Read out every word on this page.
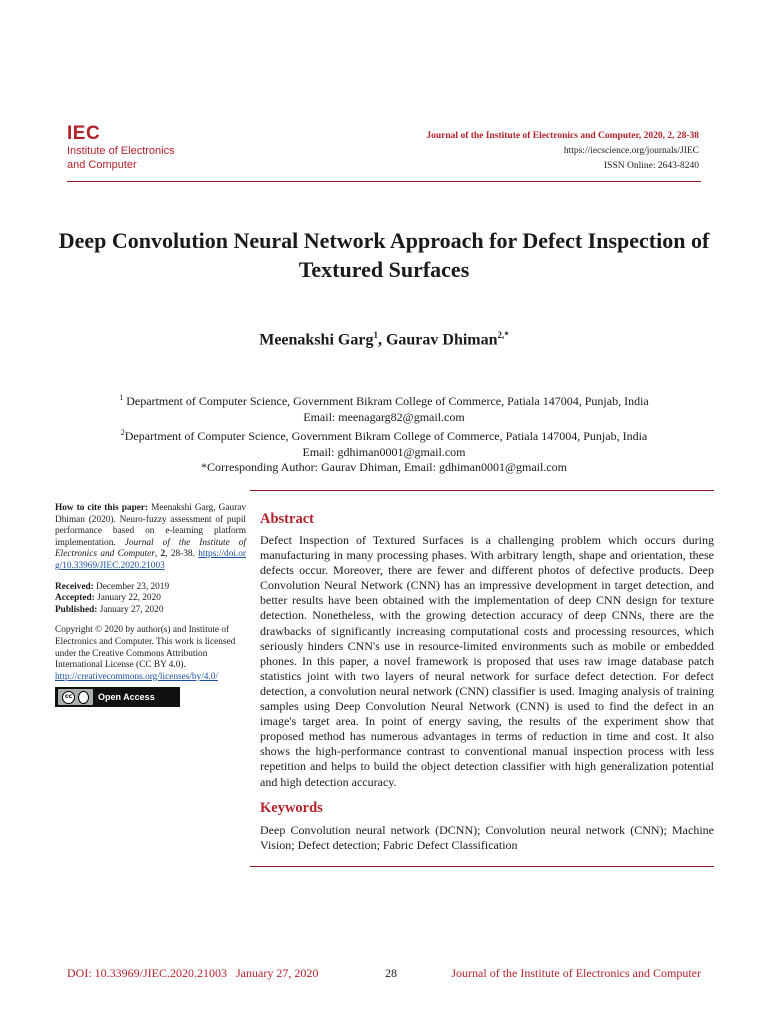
IEC
Institute of Electronics
and Computer
Journal of the Institute of Electronics and Computer, 2020, 2, 28-38
https://iecscience.org/journals/JIEC
ISSN Online: 2643-8240
Deep Convolution Neural Network Approach for Defect Inspection of Textured Surfaces
Meenakshi Garg$^1$, Gaurav Dhiman$^{2,*}$
$^1$ Department of Computer Science, Government Bikram College of Commerce, Patiala 147004, Punjab, India
Email: meenagarg82@gmail.com
$^2$Department of Computer Science, Government Bikram College of Commerce, Patiala 147004, Punjab, India
Email: gdhiman0001@gmail.com
*Corresponding Author: Gaurav Dhiman, Email: gdhiman0001@gmail.com
How to cite this paper: Meenakshi Garg, Gaurav Dhiman (2020). Neuro-fuzzy assessment of pupil performance based on e-learning platform implementation. Journal of the Institute of Electronics and Computer, 2, 28-38. https://doi.org/10.33969/JIEC.2020.21003
Received: December 23, 2019
Accepted: January 22, 2020
Published: January 27, 2020
Copyright © 2020 by author(s) and Institute of Electronics and Computer. This work is licensed under the Creative Commons Attribution International License (CC BY 4.0).
http://creativecommons.org/licenses/by/4.0/
cc	Open Access
Abstract

Defect Inspection of Textured Surfaces is a challenging problem which occurs during manufacturing in many processing phases. With arbitrary length, shape and orientation, these defects occur. Moreover, there are fewer and different photos of defective products. Deep Convolution Neural Network (CNN) has an impressive development in target detection, and better results have been obtained with the implementation of deep CNN design for texture detection. Nonetheless, with the growing detection accuracy of deep CNNs, there are the drawbacks of significantly increasing computational costs and processing resources, which seriously hinders CNN's use in resource-limited environments such as mobile or embedded phones. In this paper, a novel framework is proposed that uses raw image database patch statistics joint with two layers of neural network for surface defect detection. For defect detection, a convolution neural network (CNN) classifier is used. Imaging analysis of training samples using Deep Convolution Neural Network (CNN) is used to find the defect in an image's target area. In point of energy saving, the results of the experiment show that proposed method has numerous advantages in terms of reduction in time and cost. It also shows the high-performance contrast to conventional manual inspection process with less repetition and helps to build the object detection classifier with high generalization potential and high detection accuracy.

Keywords

Deep Convolution neural network (DCNN); Convolution neural network (CNN); Machine Vision; Defect detection; Fabric Defect Classification

DOI: 10.33969/JIEC.2020.21003 January 27, 2020	28	Journal of the Institute of Electronics and Computer
